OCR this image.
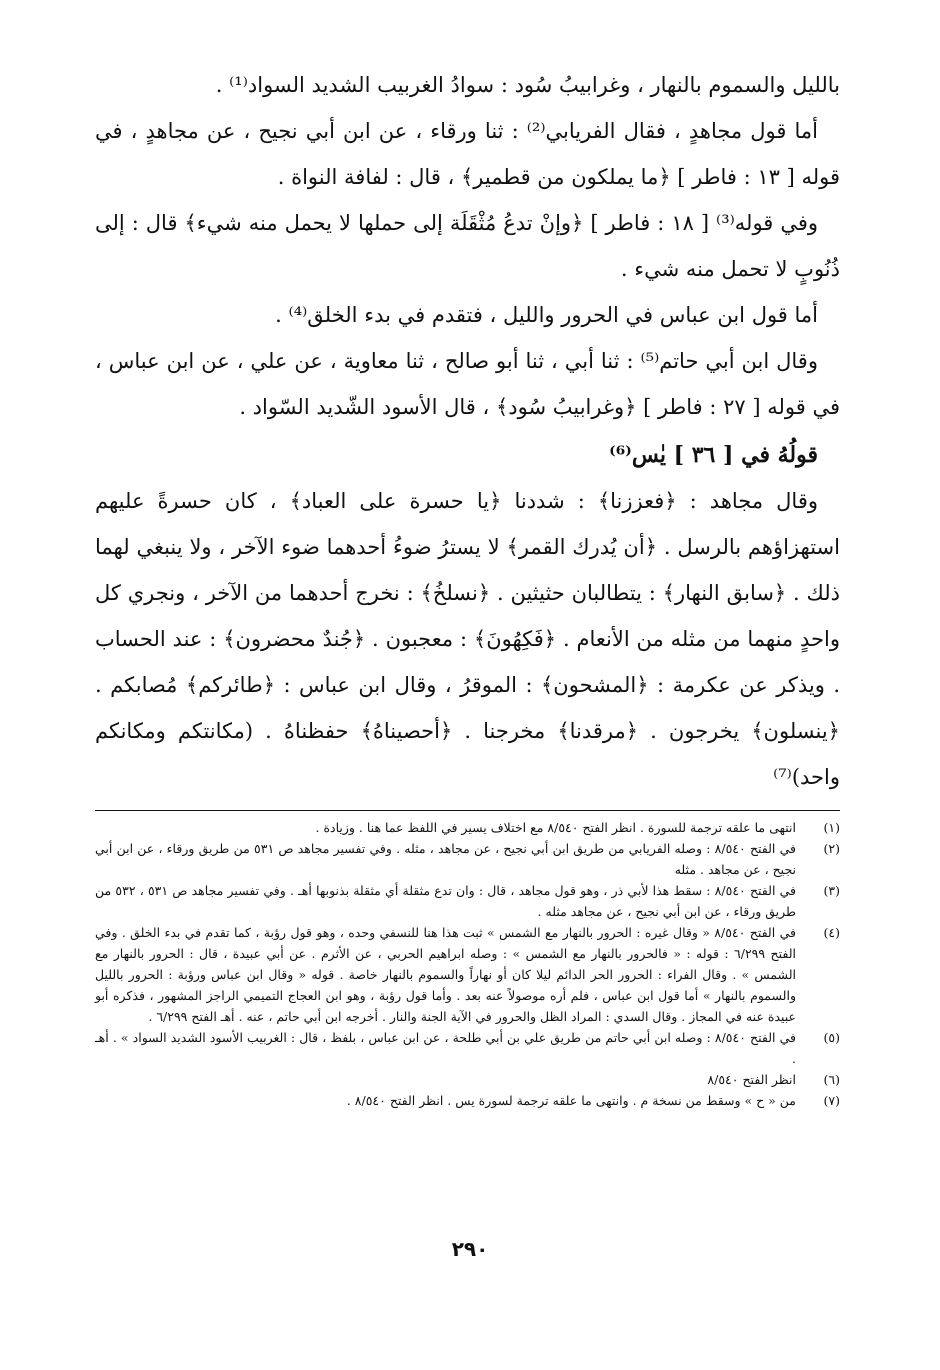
بالليل والسموم بالنهار ، وغرابيبُ سُود : سوادُ الغربيب الشديد السواد⁽¹⁾ .

أما قول مجاهدٍ ، فقال الفريابي⁽²⁾ : ثنا ورقاء ، عن ابن أبي نجيح ، عن مجاهدٍ ، في قوله [ ١٣ : فاطر ] ﴿ما يملكون من قطمير﴾ ، قال : لفافة النواة .

وفي قوله⁽³⁾ [ ١٨ : فاطر ] ﴿وإنْ تدعُ مُثْقَلَة إلى حملها لا يحمل منه شيء﴾ قال : إلى ذُنُوبٍ لا تحمل منه شيء .

أما قول ابن عباس في الحرور والليل ، فتقدم في بدء الخلق⁽⁴⁾ .

وقال ابن أبي حاتم⁽⁵⁾ : ثنا أبي ، ثنا أبو صالح ، ثنا معاوية ، عن علي ، عن ابن عباس ، في قوله [ ٢٧ : فاطر ] ﴿وغرابيبُ سُود﴾ ، قال الأسود الشّديد السّواد .

قولُهُ في [ ٣٦ ] يٰس⁽⁶⁾

وقال مجاهد : ﴿فعززنا﴾ : شددنا ﴿يا حسرة على العباد﴾ ، كان حسرةً عليهم استهزاؤهم بالرسل . ﴿أن يُدرك القمر﴾ لا يسترُ ضوءُ أحدهما ضوء الآخر ، ولا ينبغي لهما ذلك . ﴿سابق النهار﴾ : يتطالبان حثيثين . ﴿نسلخُ﴾ : نخرج أحدهما من الآخر ، ونجري كل واحدٍ منهما من مثله من الأنعام . ﴿فَكِهُونَ﴾ : معجبون . ﴿جُندٌ محضرون﴾ : عند الحساب . ويذكر عن عكرمة : ﴿المشحون﴾ : الموقرُ ، وقال ابن عباس : ﴿طائركم﴾ مُصابكم . ﴿ينسلون﴾ يخرجون . ﴿مرقدنا﴾ مخرجنا . ﴿أحصيناهُ﴾ حفظناهُ . (مكانتكم ومكانكم واحد)⁽⁷⁾

(١)
انتهى ما علقه ترجمة للسورة . انظر الفتح ٨/٥٤٠ مع اختلاف يسير في اللفظ عما هنا . وزيادة .
(٢)
في الفتح ٨/٥٤٠ : وصله الفريابي من طريق ابن أبي نجيح ، عن مجاهد ، مثله . وفي تفسير مجاهد ص ٥٣١ من طريق ورقاء ، عن ابن أبي نجيح ، عن مجاهد . مثله
(٣)
في الفتح ٨/٥٤٠ : سقط هذا لأبي ذر ، وهو قول مجاهد ، قال : وان تدع مثقلة أي مثقلة بذنوبها أهـ . وفي تفسير مجاهد ص ٥٣١ ، ٥٣٢ من طريق ورقاء ، عن ابن أبي نجيح ، عن مجاهد مثله .
(٤)
في الفتح ٨/٥٤٠ « وقال غيره : الحرور بالنهار مع الشمس » ثبت هذا هنا للنسفي وحده ، وهو قول رؤبة ، كما تقدم في بدء الخلق . وفي الفتح ٦/٢٩٩ : قوله : « فالحرور بالنهار مع الشمس » : وصله ابراهيم الحربي ، عن الأثرم . عن أبي عبيدة ، قال : الحرور بالنهار مع الشمس » . وقال الفراء : الحرور الحر الدائم ليلا كان أو نهاراً والسموم بالنهار خاصة . قوله « وقال ابن عباس ورؤبة : الحرور بالليل والسموم بالنهار » أما قول ابن عباس ، فلم أره موصولاً عنه بعد . وأما قول رؤبة ، وهو ابن العجاج التميمي الراجز المشهور ، فذكره أبو عبيدة عنه في المجاز . وقال السدي : المراد الظل والحرور في الآية الجنة والنار . أخرجه ابن أبي حاتم ، عنه . أهـ الفتح ٦/٢٩٩ .
(٥)
في الفتح ٨/٥٤٠ : وصله ابن أبي حاتم من طريق علي بن أبي طلحة ، عن ابن عباس ، بلفظ ، قال : الغربيب الأسود الشديد السواد » . أهـ .
(٦)
انظر الفتح ٨/٥٤٠
(٧)
من « ح » وسقط من نسخة م . وانتهى ما علقه ترجمة لسورة يس . انظر الفتح ٨/٥٤٠ .
٢٩٠
